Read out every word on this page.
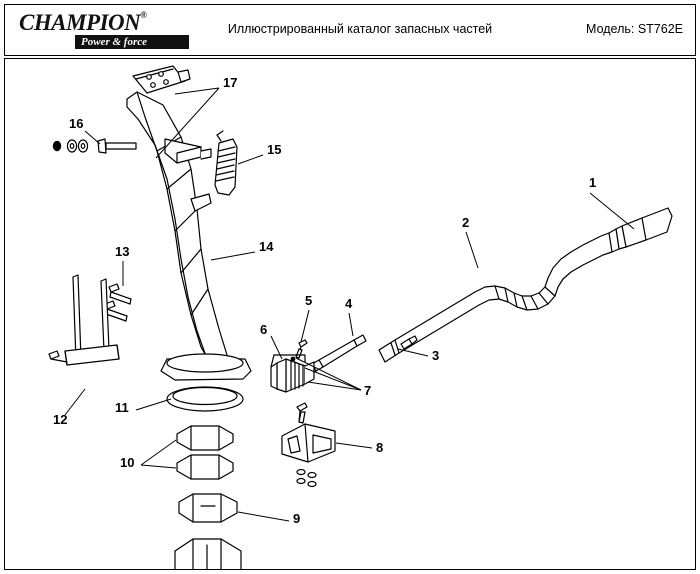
CHAMPION®
Power & force
Иллюстрированный каталог запасных частей	Модель: ST762E
17
16
15
1
2
14
13
5	4
6
3
7
11
12
8
10
9
